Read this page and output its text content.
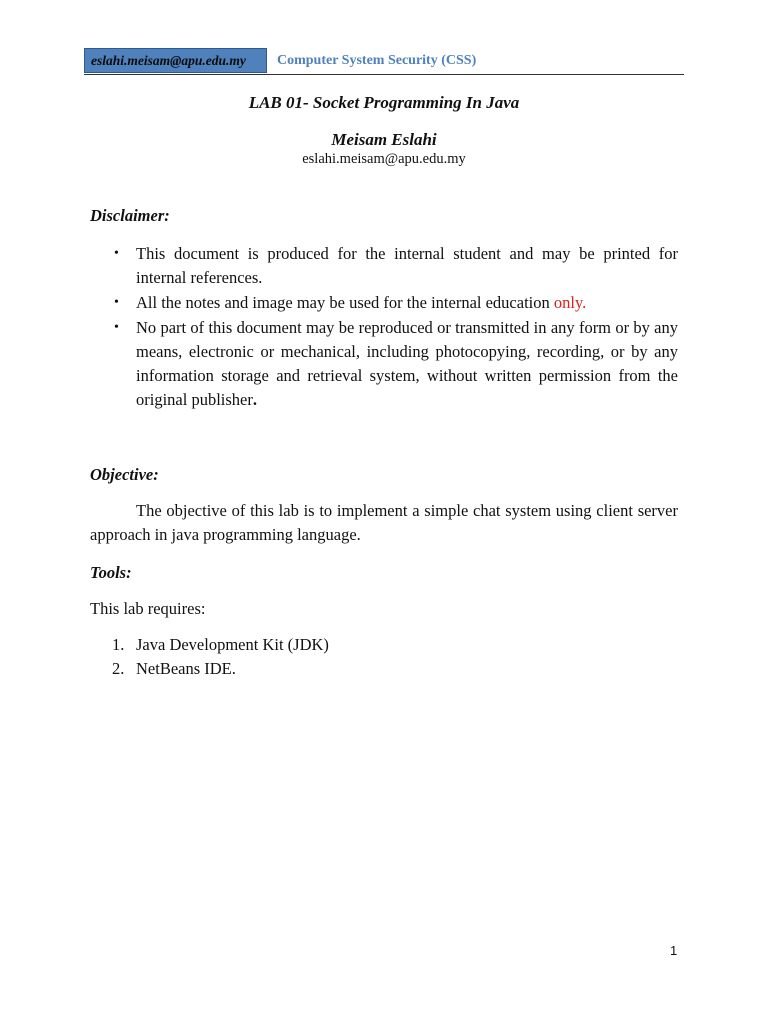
eslahi.meisam@apu.edu.my	Computer System Security (CSS)
LAB 01- Socket Programming In Java
Meisam Eslahi
eslahi.meisam@apu.edu.my
Disclaimer:
• This document is produced for the internal student and may be printed for internal references.
• All the notes and image may be used for the internal education only.
• No part of this document may be reproduced or transmitted in any form or by any means, electronic or mechanical, including photocopying, recording, or by any information storage and retrieval system, without written permission from the original publisher.
Objective:
The objective of this lab is to implement a simple chat system using client server approach in java programming language.
Tools:
This lab requires:
1. Java Development Kit (JDK)
2. NetBeans IDE.
1
